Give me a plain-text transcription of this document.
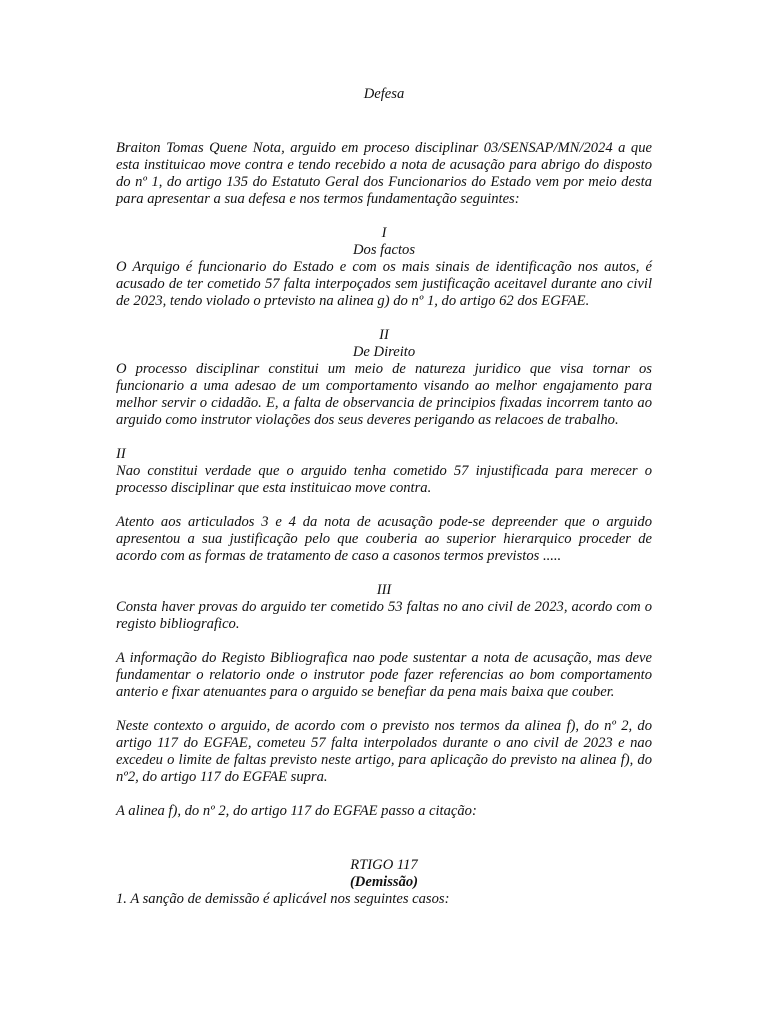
Defesa
Braiton Tomas Quene Nota, arguido em proceso disciplinar 03/SENSAP/MN/2024 a que esta instituicao move contra e tendo recebido a nota de acusação para abrigo do disposto do nº 1, do artigo 135 do Estatuto Geral dos Funcionarios do Estado vem por meio desta para apresentar a sua defesa e nos termos fundamentação seguintes:
I
Dos factos
O Arquigo é funcionario do Estado e com os mais sinais de identificação nos autos, é acusado de ter cometido 57 falta interpoçados sem justificação aceitavel durante ano civil de 2023, tendo violado o prtevisto na alinea g) do nº 1, do artigo 62 dos EGFAE.
II
De Direito
O processo disciplinar constitui um meio de natureza juridico que visa tornar os funcionario a uma adesao de um comportamento visando ao melhor engajamento para melhor servir o cidadão. E, a falta de observancia de principios fixadas incorrem tanto ao arguido como instrutor violações dos seus deveres perigando as relacoes de trabalho.
II
Nao constitui verdade que o arguido tenha cometido 57 injustificada para merecer o processo disciplinar que esta instituicao move contra.
Atento aos articulados 3 e 4 da nota de acusação pode-se depreender que o arguido apresentou a sua justificação pelo que couberia ao superior hierarquico proceder de acordo com as formas de tratamento de caso a casonos termos previstos .....
III
Consta haver provas do arguido ter cometido 53 faltas no ano civil de 2023, acordo com o registo bibliografico.
A informação do Registo Bibliografica nao pode sustentar a nota de acusação, mas deve fundamentar o relatorio onde o instrutor pode fazer referencias ao bom comportamento anterio e fixar atenuantes para o arguido se benefiar da pena mais baixa que couber.
Neste contexto o arguido, de acordo com o previsto nos termos da alinea f), do nº 2, do artigo 117 do EGFAE, cometeu 57 falta interpolados durante o ano civil de 2023 e nao excedeu o limite de faltas previsto neste artigo, para aplicação do previsto na alinea f), do nº2, do artigo 117 do EGFAE supra.
A alinea f), do nº 2, do artigo 117 do EGFAE passo a citação:
RTIGO 117
(Demissão)
1. A sanção de demissão é aplicável nos seguintes casos:
